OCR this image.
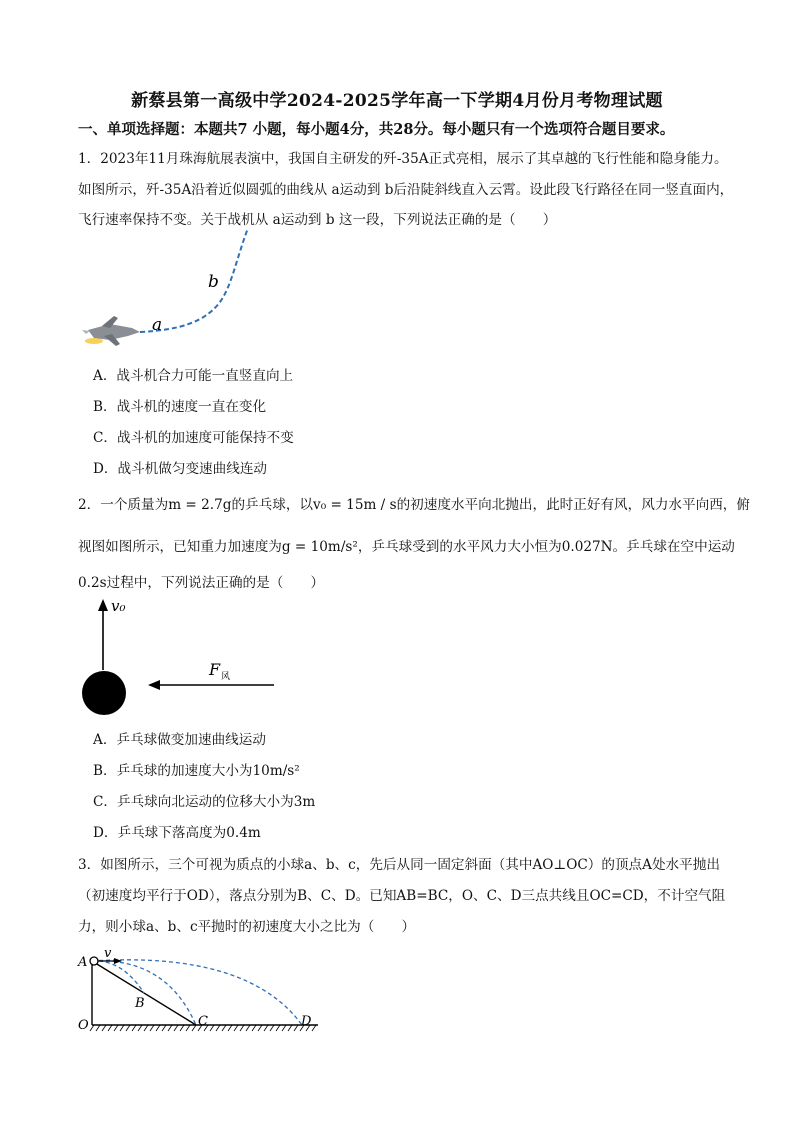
新蔡县第一高级中学2024-2025学年高一下学期4月份月考物理试题
一、单项选择题：本题共7 小题，每小题4分，共28分。每小题只有一个选项符合题目要求。
1．2023年11月珠海航展表演中，我国自主研发的歼-35A正式亮相，展示了其卓越的飞行性能和隐身能力。
如图所示，歼-35A沿着近似圆弧的曲线从 a运动到 b后沿陡斜线直入云霄。设此段飞行路径在同一竖直面内，
飞行速率保持不变。关于战机从 a运动到 b 这一段，下列说法正确的是（　　）
a
b
A．战斗机合力可能一直竖直向上
B．战斗机的速度一直在变化
C．战斗机的加速度可能保持不变
D．战斗机做匀变速曲线连动
2．一个质量为m = 2.7g的乒乓球，以v₀ = 15m / s的初速度水平向北抛出，此时正好有风，风力水平向西，俯
视图如图所示，已知重力加速度为g = 10m/s²，乒乓球受到的水平风力大小恒为0.027N。乒乓球在空中运动
0.2s过程中，下列说法正确的是（　　）
v₀
F 风
A．乒乓球做变加速曲线运动
B．乒乓球的加速度大小为10m/s²
C．乒乓球向北运动的位移大小为3m
D．乒乓球下落高度为0.4m
3．如图所示，三个可视为质点的小球a、b、c，先后从同一固定斜面（其中AO⊥OC）的顶点A处水平抛出
（初速度均平行于OD），落点分别为B、C、D。已知AB=BC，O、C、D三点共线且OC=CD，不计空气阻
力，则小球a、b、c平抛时的初速度大小之比为（　　）
A
v
B
O	C	D
